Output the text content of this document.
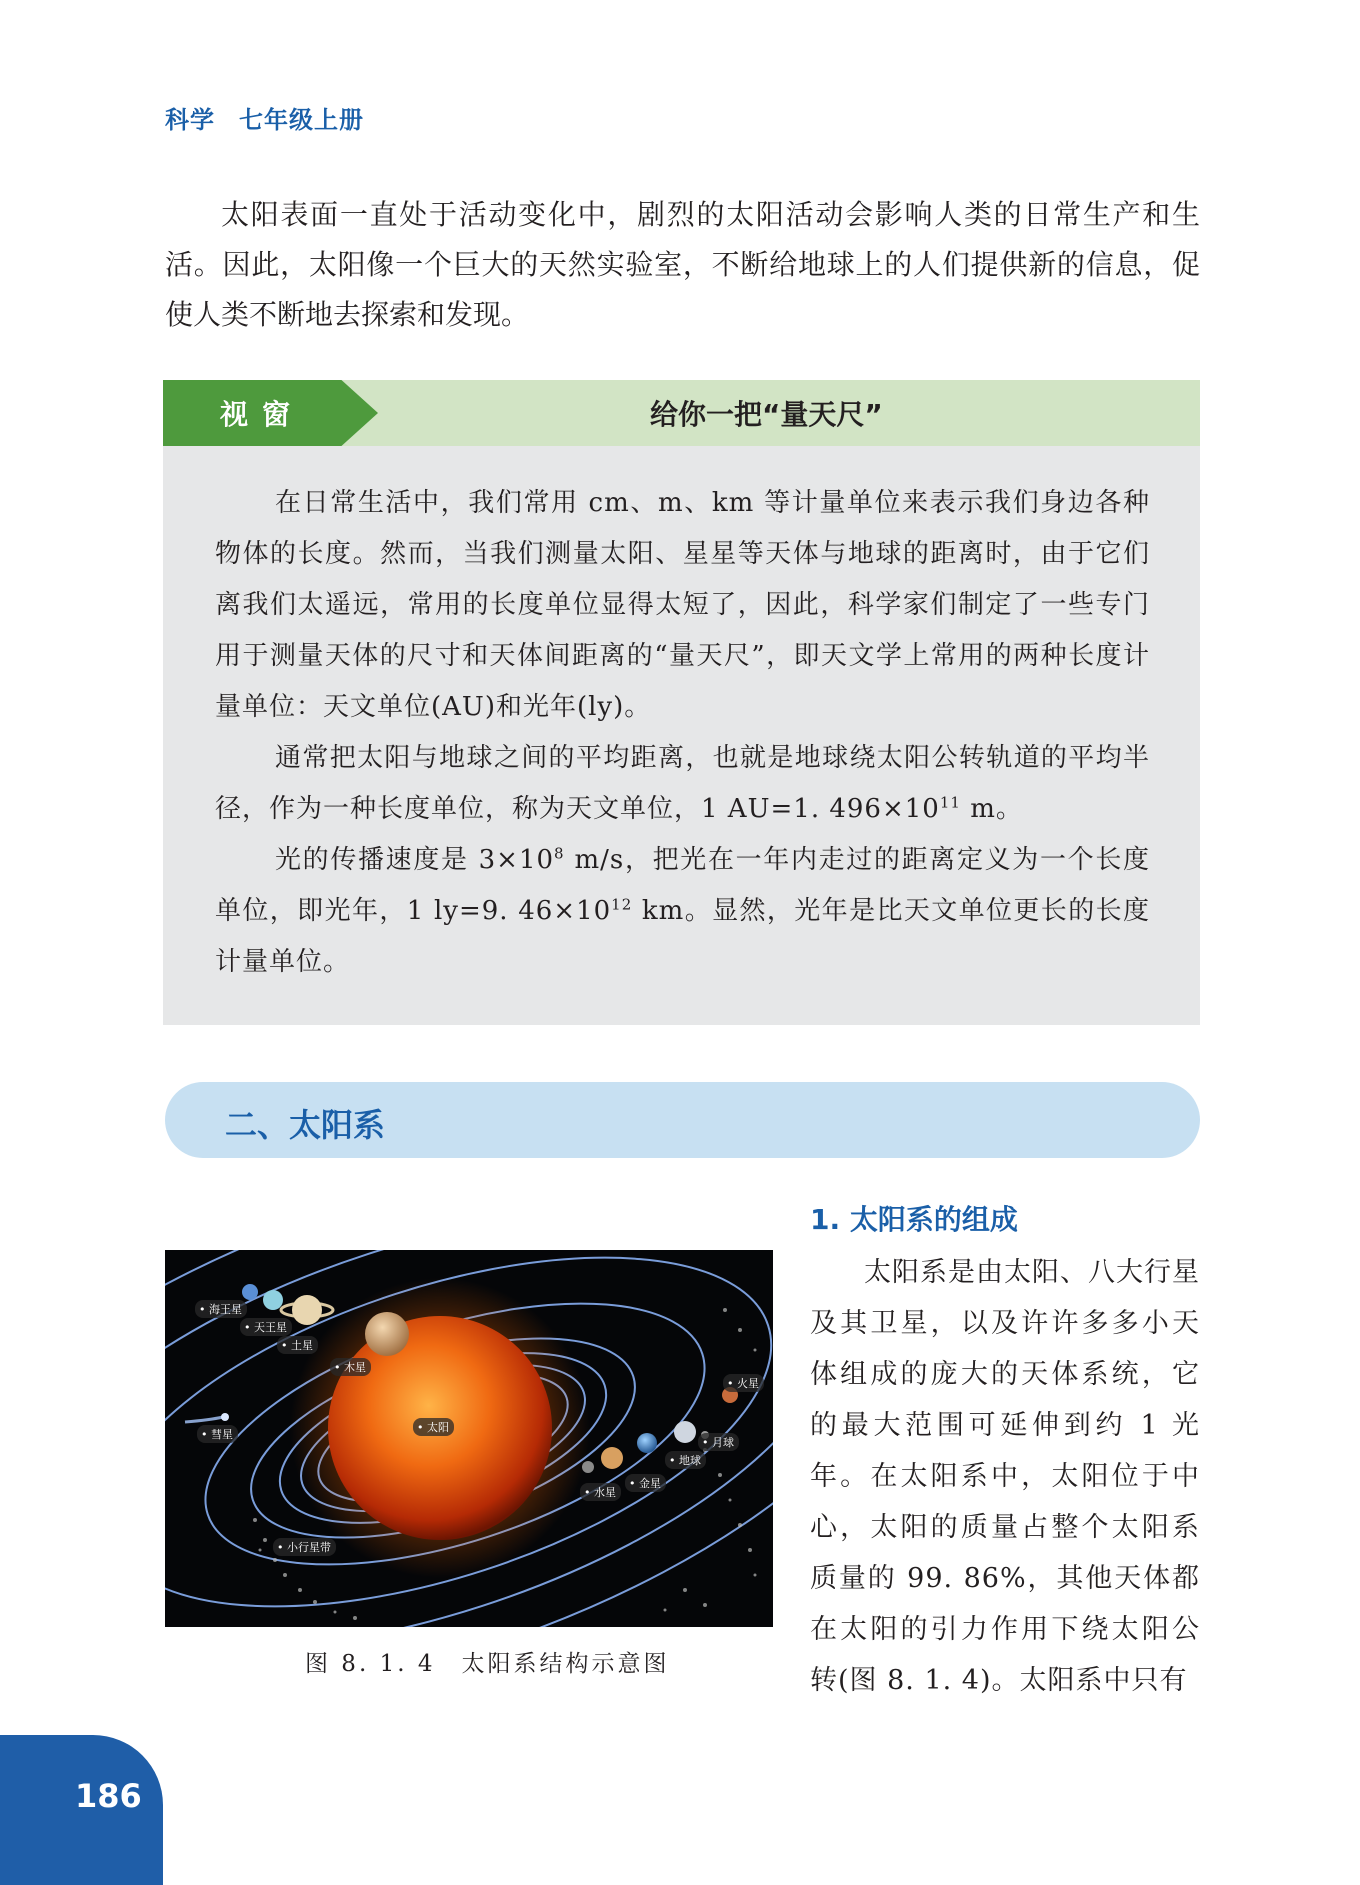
科学 七年级上册

太阳表面一直处于活动变化中，剧烈的太阳活动会影响人类的日常生产和生活。因此，太阳像一个巨大的天然实验室，不断给地球上的人们提供新的信息，促使人类不断地去探索和发现。

视窗	给你一把“量天尺”

在日常生活中，我们常用 cm、m、km 等计量单位来表示我们身边各种物体的长度。然而，当我们测量太阳、星星等天体与地球的距离时，由于它们离我们太遥远，常用的长度单位显得太短了，因此，科学家们制定了一些专门用于测量天体的尺寸和天体间距离的“量天尺”，即天文学上常用的两种长度计量单位：天文单位(AU)和光年(ly)。

通常把太阳与地球之间的平均距离，也就是地球绕太阳公转轨道的平均半径，作为一种长度单位，称为天文单位，1 AU=1. $496\times 10^{11}$ m。

光的传播速度是 $3\times 10^8$ m/s，把光在一年内走过的距离定义为一个长度单位，即光年，1 ly=9. $46\times 10^{12}$ km。显然，光年是比天文单位更长的长度计量单位。

二、太阳系
• 海王星
• 天王星
• 土星
• 木星
• 彗星
• 太阳
• 火星
• 月球
• 地球
• 水星
• 金星
• 小行星带
图 8. 1. 4　太阳系结构示意图
1. 太阳系的组成

太阳系是由太阳、八大行星及其卫星，以及许许多多小天体组成的庞大的天体系统，它的最大范围可延伸到约 1 光年。在太阳系中，太阳位于中心，太阳的质量占整个太阳系质量的 99. 86%，其他天体都在太阳的引力作用下绕太阳公转(图 8. 1. 4)。太阳系中只有

186
